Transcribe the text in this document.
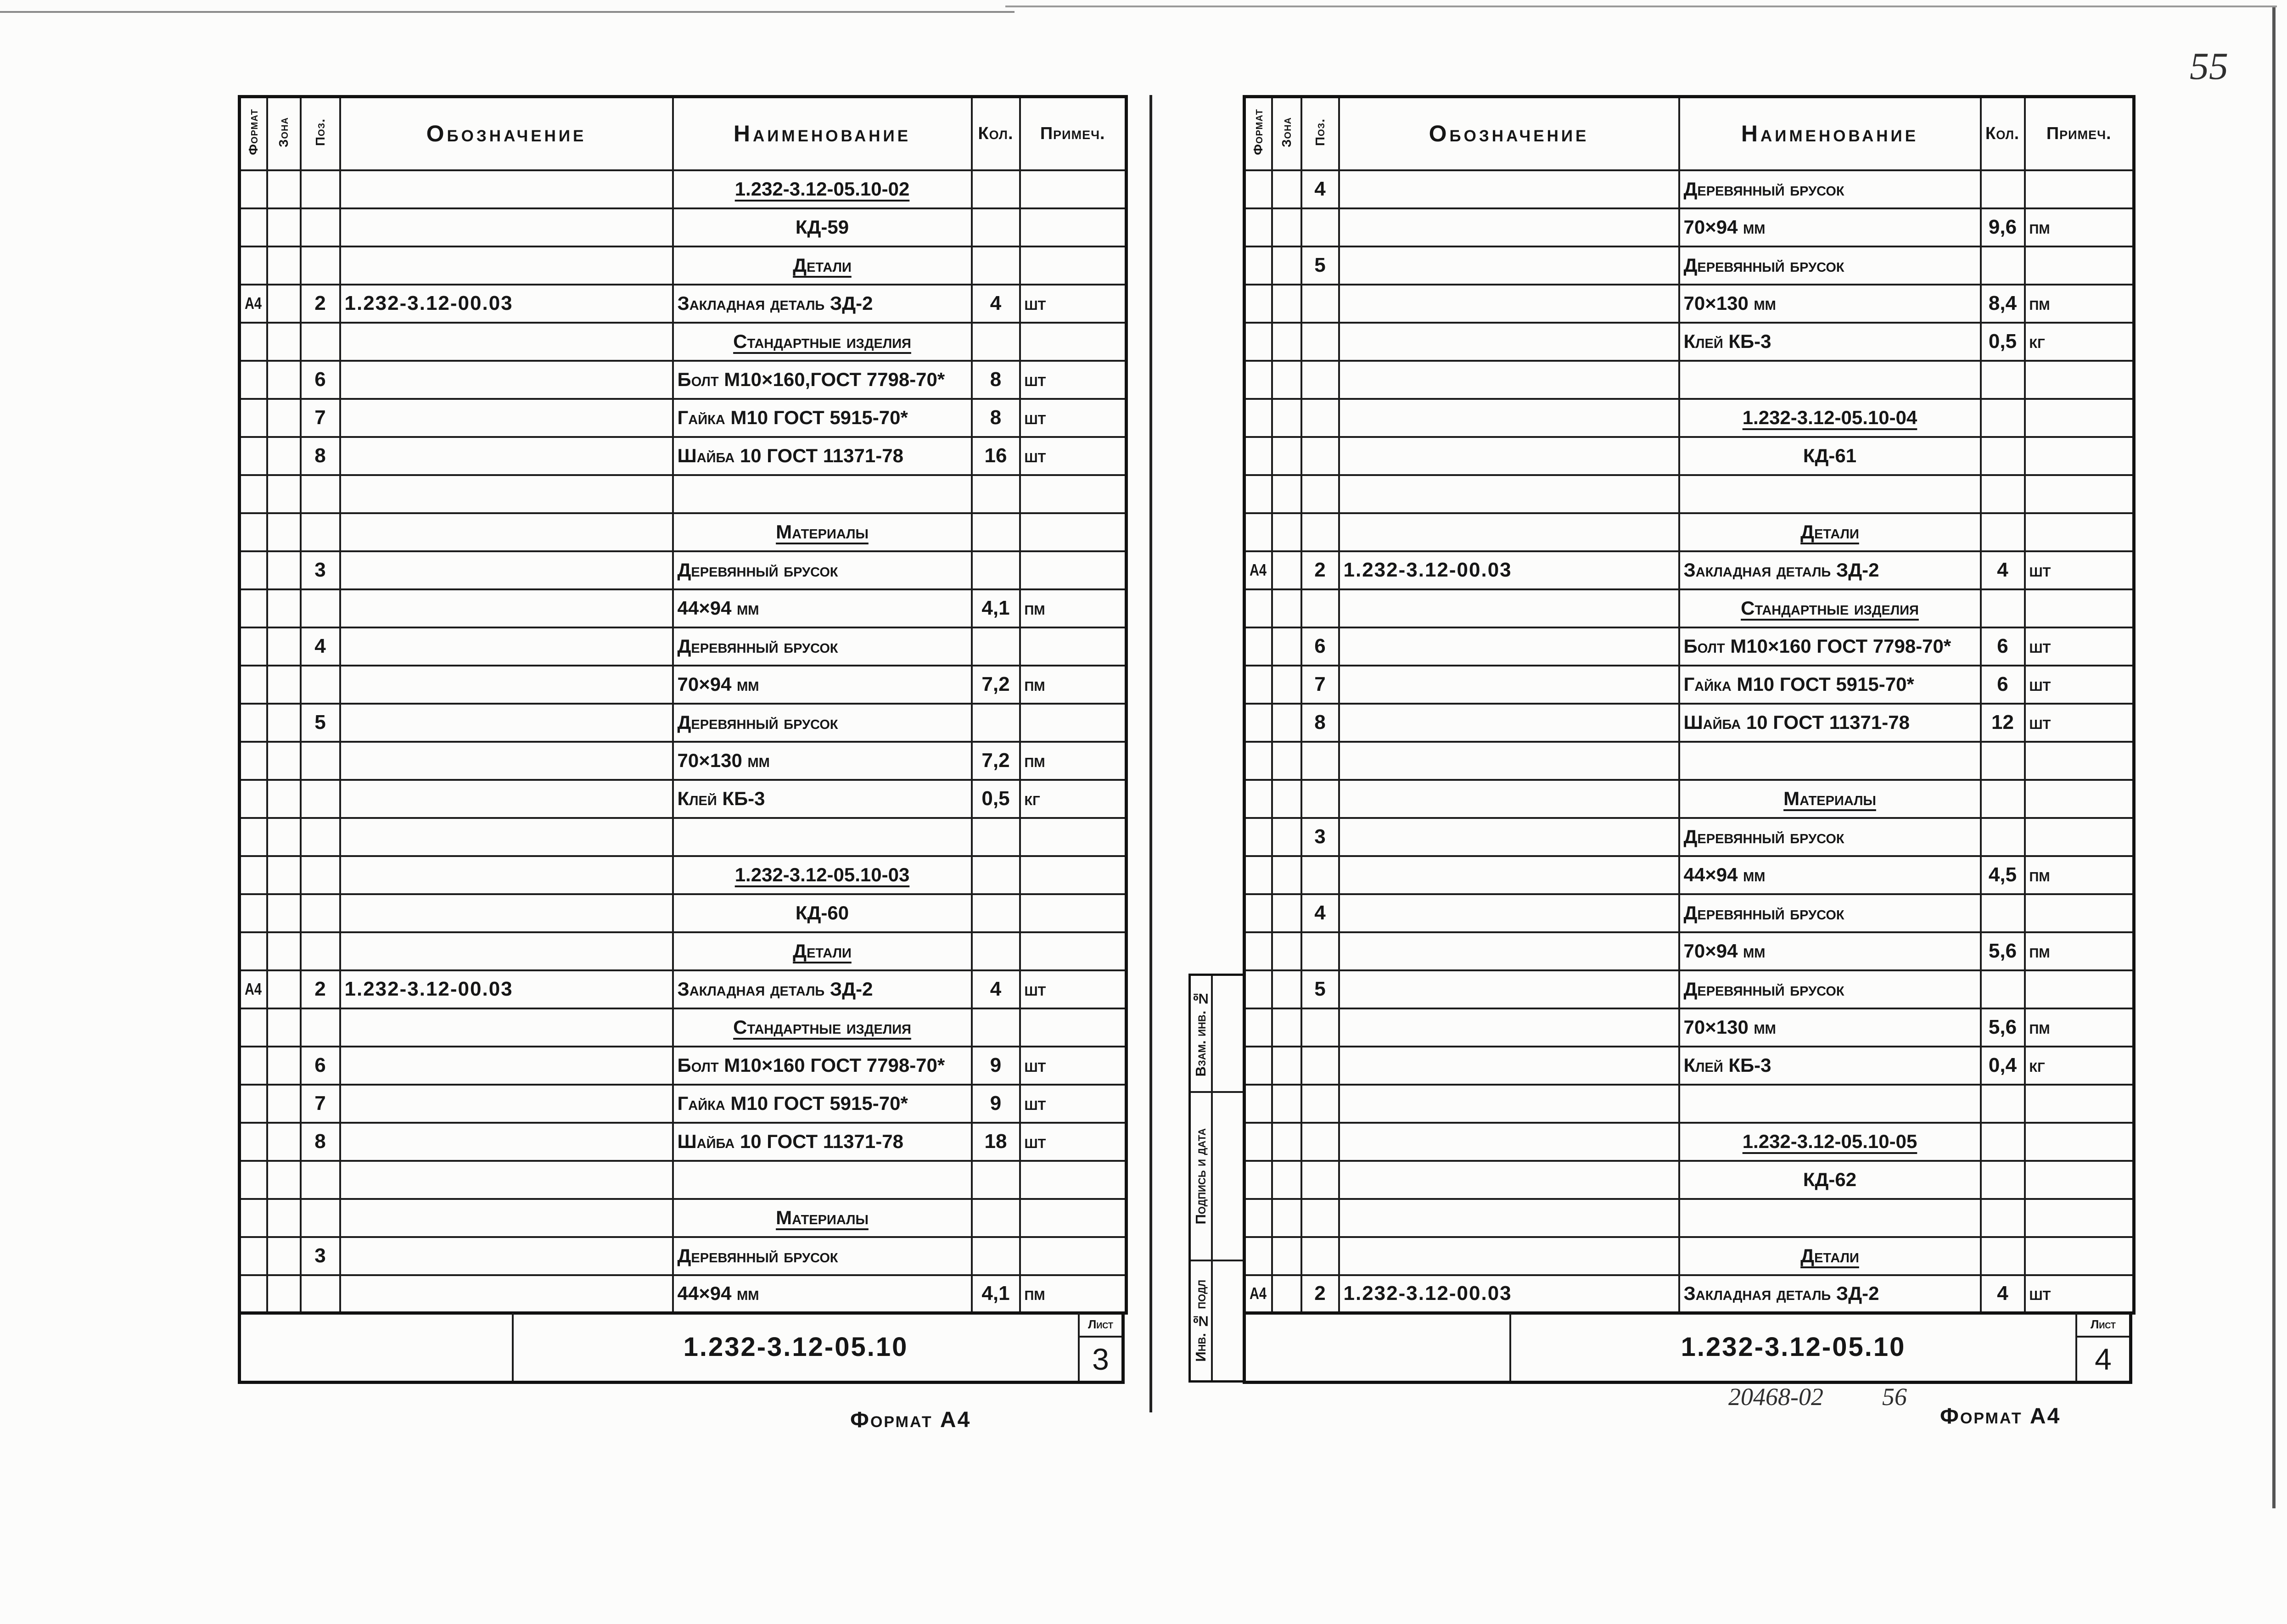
55
Формат	Зона	Поз.	Обозначение	Наименование	Кол.	Примеч.
				1.232-3.12-05.10-02		
				КД-59		
				Детали		
А4		2	1.232-3.12-00.03	Закладная деталь ЗД-2	4	шт
				Стандартные изделия		
		6		Болт М10×160,ГОСТ 7798-70*	8	шт
		7		Гайка М10 ГОСТ 5915-70*	8	шт
		8		Шайба 10 ГОСТ 11371-78	16	шт

				Материалы		
		3		Деревянный брусок		
				44×94 мм	4,1	пм
		4		Деревянный брусок		
				70×94 мм	7,2	пм
		5		Деревянный брусок		
				70×130 мм	7,2	пм
				Клей КБ-3	0,5	кг

				1.232-3.12-05.10-03		
				КД-60		
				Детали		
А4		2	1.232-3.12-00.03	Закладная деталь ЗД-2	4	шт
				Стандартные изделия		
		6		Болт М10×160 ГОСТ 7798-70*	9	шт
		7		Гайка М10 ГОСТ 5915-70*	9	шт
		8		Шайба 10 ГОСТ 11371-78	18	шт

				Материалы		
		3		Деревянный брусок		
				44×94 мм	4,1	пм
1.232-3.12-05.10
Лист
3
Формат А4
Взам. инв. №
Подпись и дата
Инв. № подл
Формат	Зона	Поз.	Обозначение	Наименование	Кол.	Примеч.
		4		Деревянный брусок		
				70×94 мм	9,6	пм
		5		Деревянный брусок		
				70×130 мм	8,4	пм
				Клей КБ-3	0,5	кг

				1.232-3.12-05.10-04		
				КД-61		

				Детали		
А4		2	1.232-3.12-00.03	Закладная деталь ЗД-2	4	шт
				Стандартные изделия		
		6		Болт М10×160 ГОСТ 7798-70*	6	шт
		7		Гайка М10 ГОСТ 5915-70*	6	шт
		8		Шайба 10 ГОСТ 11371-78	12	шт

				Материалы		
		3		Деревянный брусок		
				44×94 мм	4,5	пм
		4		Деревянный брусок		
				70×94 мм	5,6	пм
		5		Деревянный брусок		
				70×130 мм	5,6	пм
				Клей КБ-3	0,4	кг

				1.232-3.12-05.10-05		
				КД-62		

				Детали		
А4		2	1.232-3.12-00.03	Закладная деталь ЗД-2	4	шт
1.232-3.12-05.10
Лист
4
20468-02 56
Формат А4
